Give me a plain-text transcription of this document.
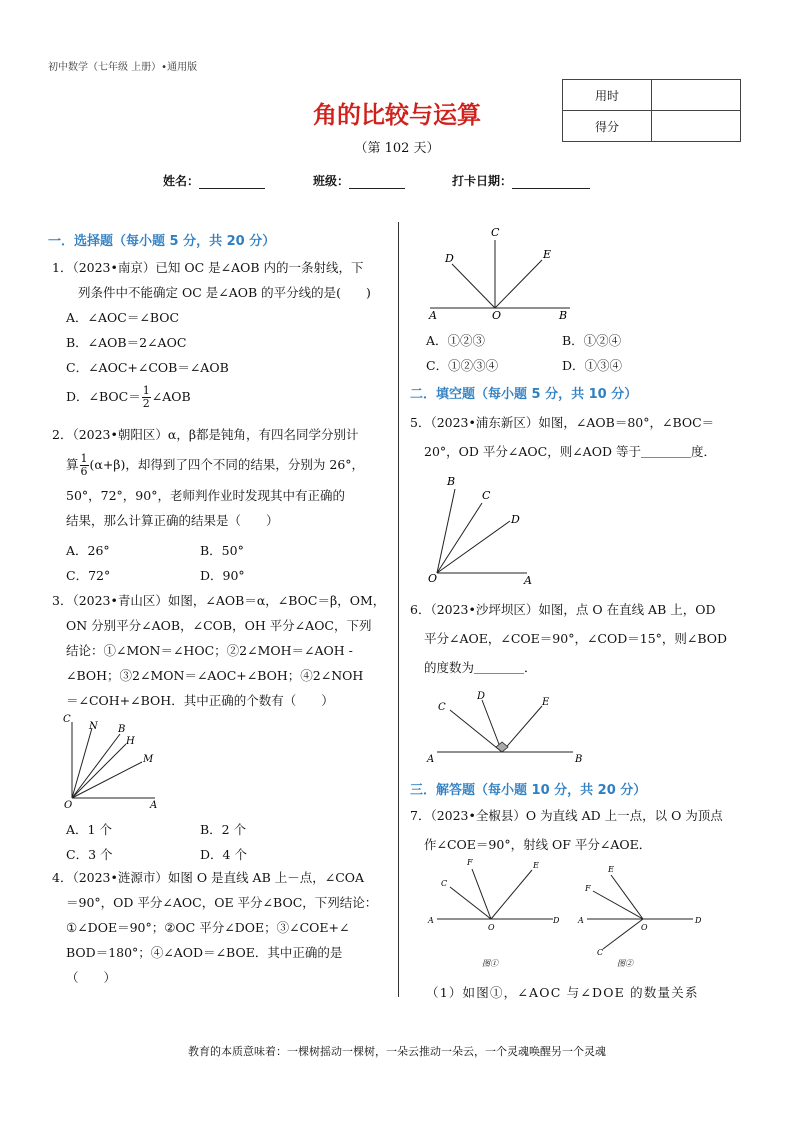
初中数学（七年级 上册）•通用版
角的比较与运算
（第 102 天）
用时	
得分	
姓名：	班级：	打卡日期：
一．选择题（每小题 5 分，共 20 分）
1．（2023•南京）已知 OC 是∠AOB 内的一条射线，下
列条件中不能确定 OC 是∠AOB 的平分线的是(　　)
A．∠AOC＝∠BOC
B．∠AOB＝2∠AOC
C．∠AOC+∠COB＝∠AOB
D．∠BOC＝ $\frac{1}{2}$ ∠AOB
2．（2023•朝阳区）α，β都是钝角，有四名同学分别计
算 $\frac{1}{6} (\alpha+\beta)$，却得到了四个不同的结果，分别为 26°，
50°，72°，90°，老师判作业时发现其中有正确的
结果，那么计算正确的结果是（　　）
A．26°	B．50°
C．72°	D．90°
3．（2023•青山区）如图，∠AOB＝α，∠BOC＝β，OM，
ON 分别平分∠AOB，∠COB，OH 平分∠AOC，下列
结论：①∠MON＝∠HOC；②2∠MOH＝∠AOH -
∠BOH；③2∠MON＝∠AOC+∠BOH；④2∠NOH
＝∠COH+∠BOH．其中正确的个数有（　　）
C
N B
H
M
O	A
A．1 个	B．2 个
C．3 个	D．4 个
4．（2023•涟源市）如图 O 是直线 AB 上－点，∠COA
＝90°，OD 平分∠AOC，OE 平分∠BOC，下列结论：
①∠DOE＝90°；②OC 平分∠DOE；③∠COE+∠
BOD＝180°；④∠AOD＝∠BOE．其中正确的是
（　　）
C
D	E
A	O	B
A．①②③	B．①②④
C．①②③④	D．①③④
二．填空题（每小题 5 分，共 10 分）
5．（2023•浦东新区）如图，∠AOB＝80°，∠BOC＝
20°，OD 平分∠AOC，则∠AOD 等于＿＿＿＿度．
B
C
D
O	A
6．（2023•沙坪坝区）如图，点 O 在直线 AB 上，OD
平分∠AOE，∠COE＝90°，∠COD＝15°，则∠BOD
的度数为＿＿＿＿．
D
C	E
A	B
三．解答题（每小题 10 分，共 20 分）
7．（2023•全椒县）O 为直线 AD 上一点，以 O 为顶点
作∠COE＝90°，射线 OF 平分∠AOE．
F	E
C
A
O
D
图①
F
E
A
O
D
C
图②
（1）如图①，∠AOC 与∠DOE 的数量关系
教育的本质意味着：一棵树摇动一棵树，一朵云推动一朵云，一个灵魂唤醒另一个灵魂
